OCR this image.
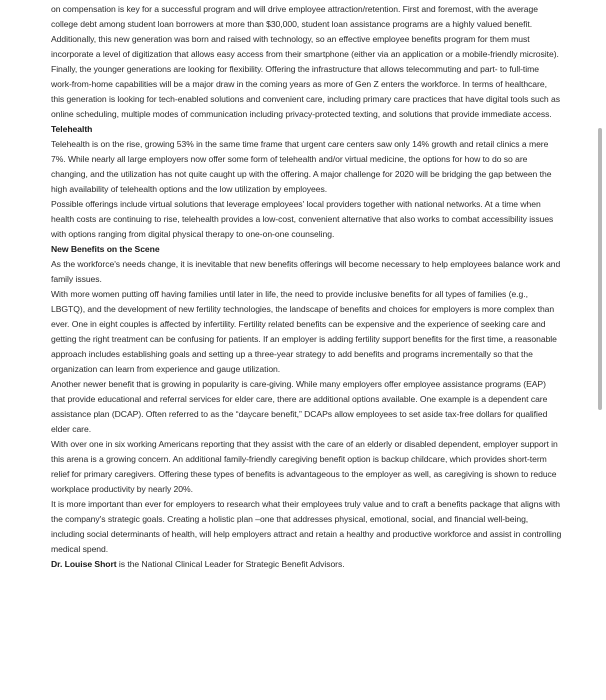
on compensation is key for a successful program and will drive employee attraction/retention. First and foremost, with the average college debt among student loan borrowers at more than $30,000, student loan assistance programs are a highly valued benefit.

Additionally, this new generation was born and raised with technology, so an effective employee benefits program for them must incorporate a level of digitization that allows easy access from their smartphone (either via an application or a mobile-friendly microsite). Finally, the younger generations are looking for flexibility. Offering the infrastructure that allows telecommuting and part- to full-time work-from-home capabilities will be a major draw in the coming years as more of Gen Z enters the workforce. In terms of healthcare, this generation is looking for tech-enabled solutions and convenient care, including primary care practices that have digital tools such as online scheduling, multiple modes of communication including privacy-protected texting, and solutions that provide immediate access.

Telehealth

Telehealth is on the rise, growing 53% in the same time frame that urgent care centers saw only 14% growth and retail clinics a mere 7%. While nearly all large employers now offer some form of telehealth and/or virtual medicine, the options for how to do so are changing, and the utilization has not quite caught up with the offering. A major challenge for 2020 will be bridging the gap between the high availability of telehealth options and the low utilization by employees.

Possible offerings include virtual solutions that leverage employees' local providers together with national networks. At a time when health costs are continuing to rise, telehealth provides a low-cost, convenient alternative that also works to combat accessibility issues with options ranging from digital physical therapy to one-on-one counseling.

New Benefits on the Scene

As the workforce's needs change, it is inevitable that new benefits offerings will become necessary to help employees balance work and family issues.

With more women putting off having families until later in life, the need to provide inclusive benefits for all types of families (e.g., LBGTQ), and the development of new fertility technologies, the landscape of benefits and choices for employers is more complex than ever. One in eight couples is affected by infertility. Fertility related benefits can be expensive and the experience of seeking care and getting the right treatment can be confusing for patients. If an employer is adding fertility support benefits for the first time, a reasonable approach includes establishing goals and setting up a three-year strategy to add benefits and programs incrementally so that the organization can learn from experience and gauge utilization.

Another newer benefit that is growing in popularity is care-giving. While many employers offer employee assistance programs (EAP) that provide educational and referral services for elder care, there are additional options available. One example is a dependent care assistance plan (DCAP). Often referred to as the “daycare benefit,” DCAPs allow employees to set aside tax-free dollars for qualified elder care.

With over one in six working Americans reporting that they assist with the care of an elderly or disabled dependent, employer support in this arena is a growing concern. An additional family-friendly caregiving benefit option is backup childcare, which provides short-term relief for primary caregivers. Offering these types of benefits is advantageous to the employer as well, as caregiving is shown to reduce workplace productivity by nearly 20%.

It is more important than ever for employers to research what their employees truly value and to craft a benefits package that aligns with the company's strategic goals. Creating a holistic plan –one that addresses physical, emotional, social, and financial well-being, including social determinants of health, will help employers attract and retain a healthy and productive workforce and assist in controlling medical spend.

Dr. Louise Short is the National Clinical Leader for Strategic Benefit Advisors.
